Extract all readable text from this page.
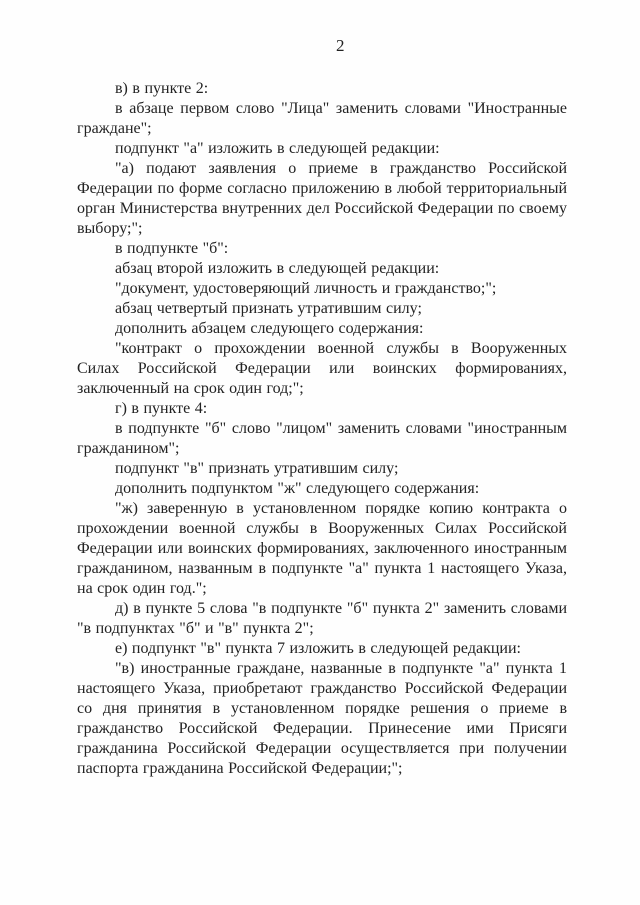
2

в) в пункте 2:

в абзаце первом слово "Лица" заменить словами "Иностранные граждане";

подпункт "а" изложить в следующей редакции:

"а) подают заявления о приеме в гражданство Российской Федерации по форме согласно приложению в любой территориальный орган Министерства внутренних дел Российской Федерации по своему выбору;";

в подпункте "б":

абзац второй изложить в следующей редакции:

"документ, удостоверяющий личность и гражданство;";

абзац четвертый признать утратившим силу;

дополнить абзацем следующего содержания:

"контракт о прохождении военной службы в Вооруженных Силах Российской Федерации или воинских формированиях, заключенный на срок один год;";

г) в пункте 4:

в подпункте "б" слово "лицом" заменить словами "иностранным гражданином";

подпункт "в" признать утратившим силу;

дополнить подпунктом "ж" следующего содержания:

"ж) заверенную в установленном порядке копию контракта о прохождении военной службы в Вооруженных Силах Российской Федерации или воинских формированиях, заключенного иностранным гражданином, названным в подпункте "а" пункта 1 настоящего Указа, на срок один год.";

д) в пункте 5 слова "в подпункте "б" пункта 2" заменить словами "в подпунктах "б" и "в" пункта 2";

е) подпункт "в" пункта 7 изложить в следующей редакции:

"в) иностранные граждане, названные в подпункте "а" пункта 1 настоящего Указа, приобретают гражданство Российской Федерации со дня принятия в установленном порядке решения о приеме в гражданство Российской Федерации. Принесение ими Присяги гражданина Российской Федерации осуществляется при получении паспорта гражданина Российской Федерации;";
